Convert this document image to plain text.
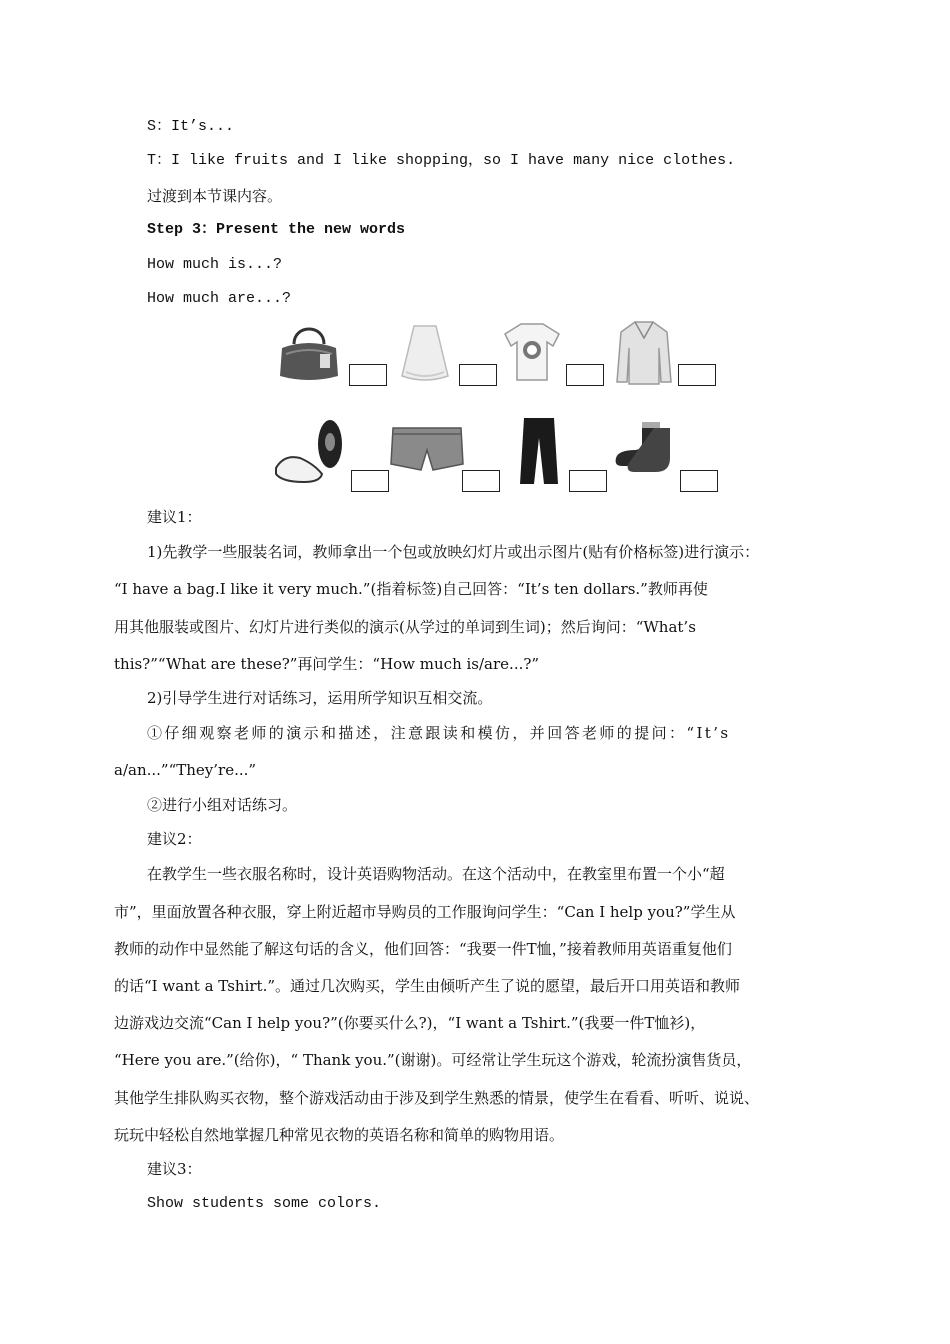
S：It’s...
T：I like fruits and I like shopping，so I have many nice clothes.
过渡到本节课内容。
Step 3：Present the new words
How much is...?
How much are...?
建议1：
1)先教学一些服装名词，教师拿出一个包或放映幻灯片或出示图片(贴有价格标签)进行演示：
“I have a bag.I like it very much.”(指着标签)自己回答：“It’s ten dollars.”教师再使
用其他服装或图片、幻灯片进行类似的演示(从学过的单词到生词)；然后询问：“What’s
this?”“What are these?”再问学生：“How much is/are...?”
2)引导学生进行对话练习，运用所学知识互相交流。
①仔细观察老师的演示和描述，注意跟读和模仿，并回答老师的提问：“It’s
a/an...”“They’re...”
②进行小组对话练习。
建议2：
在教学生一些衣服名称时，设计英语购物活动。在这个活动中，在教室里布置一个小“超
市”，里面放置各种衣服，穿上附近超市导购员的工作服询问学生：“Can I help you?”学生从
教师的动作中显然能了解这句话的含义，他们回答：“我要一件T恤，”接着教师用英语重复他们
的话“I want a Tshirt.”。通过几次购买，学生由倾听产生了说的愿望，最后开口用英语和教师
边游戏边交流“Can I help you?”(你要买什么?)，“I want a Tshirt.”(我要一件T恤衫)，
“Here you are.”(给你)，“ Thank you.”(谢谢)。可经常让学生玩这个游戏，轮流扮演售货员，
其他学生排队购买衣物，整个游戏活动由于涉及到学生熟悉的情景，使学生在看看、听听、说说、
玩玩中轻松自然地掌握几种常见衣物的英语名称和简单的购物用语。
建议3：
Show students some colors.
